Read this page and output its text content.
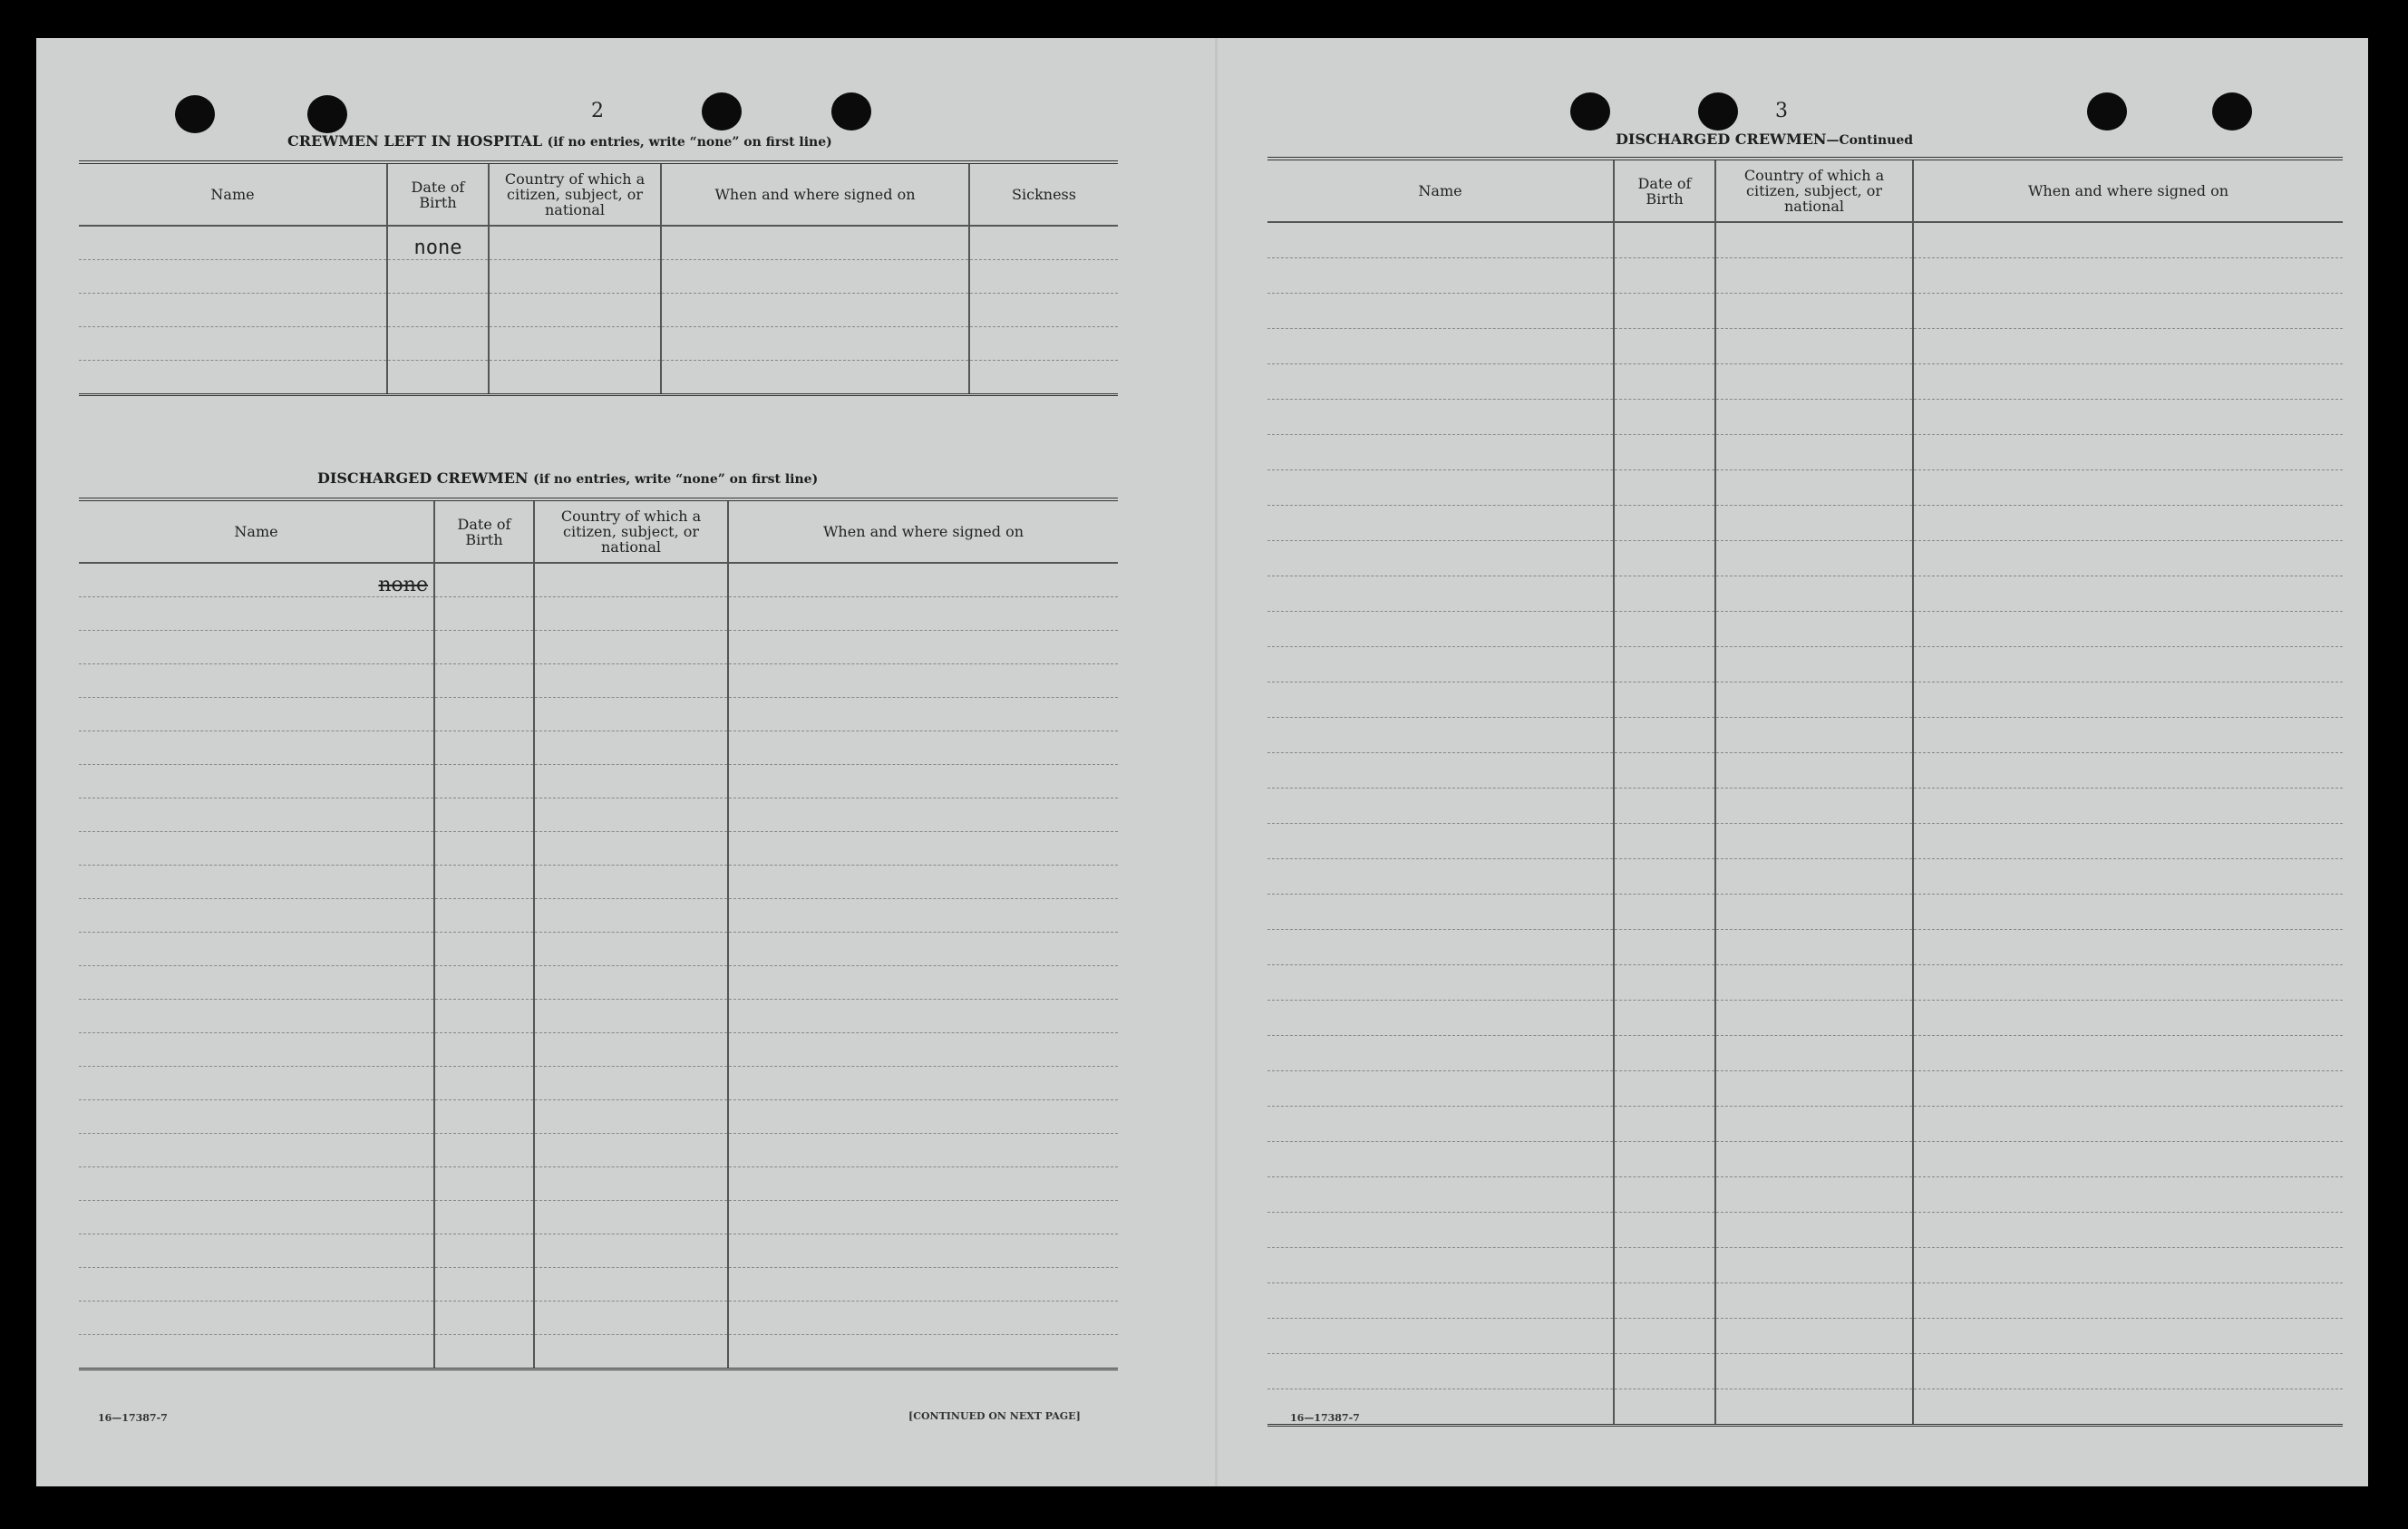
2
CREWMEN LEFT IN HOSPITAL (if no entries, write “none” on first line)
Name	Date of Birth	Country of which a citizen, subject, or national	When and where signed on	Sickness
	none			

DISCHARGED CREWMEN (if no entries, write “none” on first line)
Name	Date of Birth	Country of which a citizen, subject, or national	When and where signed on
none			

16—17387-7	[CONTINUED ON NEXT PAGE]
3
DISCHARGED CREWMEN—Continued
Name	Date of Birth	Country of which a citizen, subject, or national	When and where signed on

16—17387-7
